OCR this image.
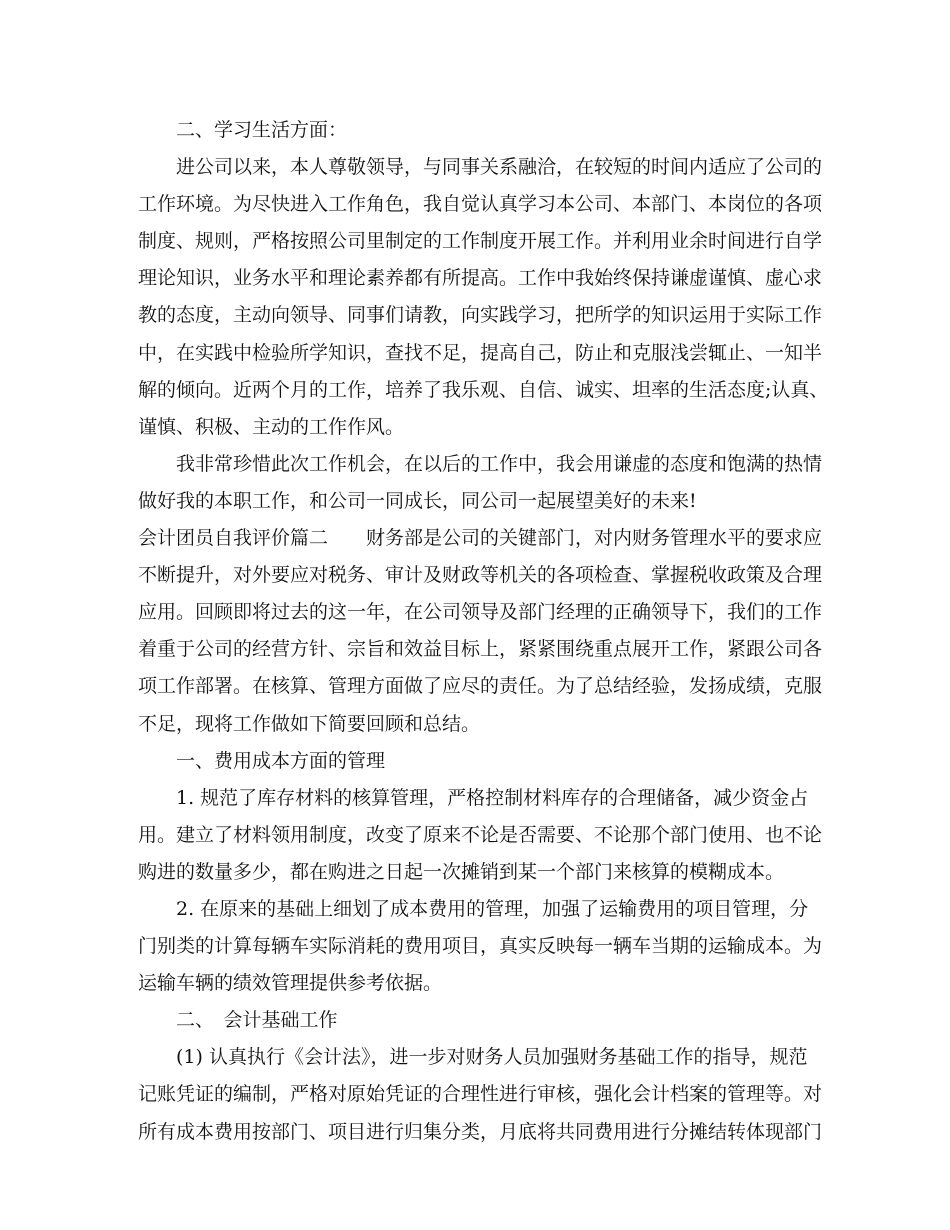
二、学习生活方面：
进公司以来，本人尊敬领导，与同事关系融洽，在较短的时间内适应了公司的
工作环境。为尽快进入工作角色，我自觉认真学习本公司、本部门、本岗位的各项
制度、规则，严格按照公司里制定的工作制度开展工作。并利用业余时间进行自学
理论知识，业务水平和理论素养都有所提高。工作中我始终保持谦虚谨慎、虚心求
教的态度，主动向领导、同事们请教，向实践学习，把所学的知识运用于实际工作
中，在实践中检验所学知识，查找不足，提高自己，防止和克服浅尝辄止、一知半
解的倾向。近两个月的工作，培养了我乐观、自信、诚实、坦率的生活态度;认真、
谨慎、积极、主动的工作作风。
我非常珍惜此次工作机会，在以后的工作中，我会用谦虚的态度和饱满的热情
做好我的本职工作，和公司一同成长，同公司一起展望美好的未来!
会计团员自我评价篇二　　财务部是公司的关键部门，对内财务管理水平的要求应
不断提升，对外要应对税务、审计及财政等机关的各项检查、掌握税收政策及合理
应用。回顾即将过去的这一年，在公司领导及部门经理的正确领导下，我们的工作
着重于公司的经营方针、宗旨和效益目标上，紧紧围绕重点展开工作，紧跟公司各
项工作部署。在核算、管理方面做了应尽的责任。为了总结经验，发扬成绩，克服
不足，现将工作做如下简要回顾和总结。
一、费用成本方面的管理
1. 规范了库存材料的核算管理，严格控制材料库存的合理储备，减少资金占
用。建立了材料领用制度，改变了原来不论是否需要、不论那个部门使用、也不论
购进的数量多少，都在购进之日起一次摊销到某一个部门来核算的模糊成本。
2. 在原来的基础上细划了成本费用的管理，加强了运输费用的项目管理，分
门别类的计算每辆车实际消耗的费用项目，真实反映每一辆车当期的运输成本。为
运输车辆的绩效管理提供参考依据。
二、　会计基础工作
(1) 认真执行《会计法》，进一步对财务人员加强财务基础工作的指导，规范
记账凭证的编制，严格对原始凭证的合理性进行审核，强化会计档案的管理等。对
所有成本费用按部门、项目进行归集分类，月底将共同费用进行分摊结转体现部门
